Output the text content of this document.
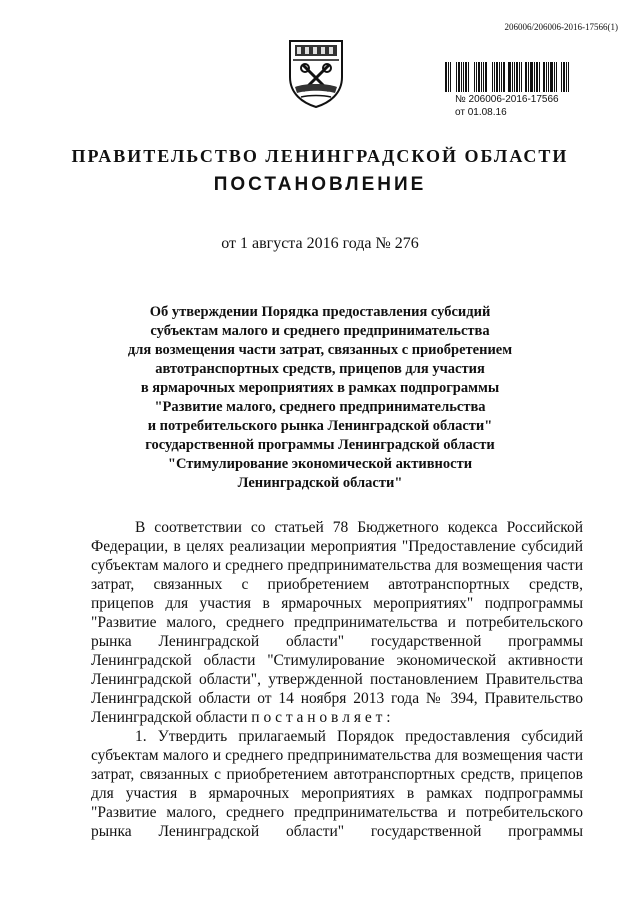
206006/206006-2016-17566(1)
№ 206006-2016-17566
от 01.08.16
ПРАВИТЕЛЬСТВО ЛЕНИНГРАДСКОЙ ОБЛАСТИ
ПОСТАНОВЛЕНИЕ
от 1 августа 2016 года № 276
Об утверждении Порядка предоставления субсидий
субъектам малого и среднего предпринимательства
для возмещения части затрат, связанных с приобретением
автотранспортных средств, прицепов для участия
в ярмарочных мероприятиях в рамках подпрограммы
"Развитие малого, среднего предпринимательства
и потребительского рынка Ленинградской области"
государственной программы Ленинградской области
"Стимулирование экономической активности
Ленинградской области"
В соответствии со статьей 78 Бюджетного кодекса Российской
Федерации, в целях реализации мероприятия "Предоставление субсидий
субъектам малого и среднего предпринимательства для возмещения части
затрат, связанных с приобретением автотранспортных средств,
прицепов для участия в ярмарочных мероприятиях" подпрограммы
"Развитие малого, среднего предпринимательства и потребительского
рынка Ленинградской области" государственной программы
Ленинградской области "Стимулирование экономической активности
Ленинградской области", утвержденной постановлением Правительства
Ленинградской области от 14 ноября 2013 года № 394, Правительство
Ленинградской области п о с т а н о в л я е т :
1. Утвердить прилагаемый Порядок предоставления субсидий
субъектам малого и среднего предпринимательства для возмещения части
затрат, связанных с приобретением автотранспортных средств, прицепов
для участия в ярмарочных мероприятиях в рамках подпрограммы
"Развитие малого, среднего предпринимательства и потребительского
рынка Ленинградской области" государственной программы
